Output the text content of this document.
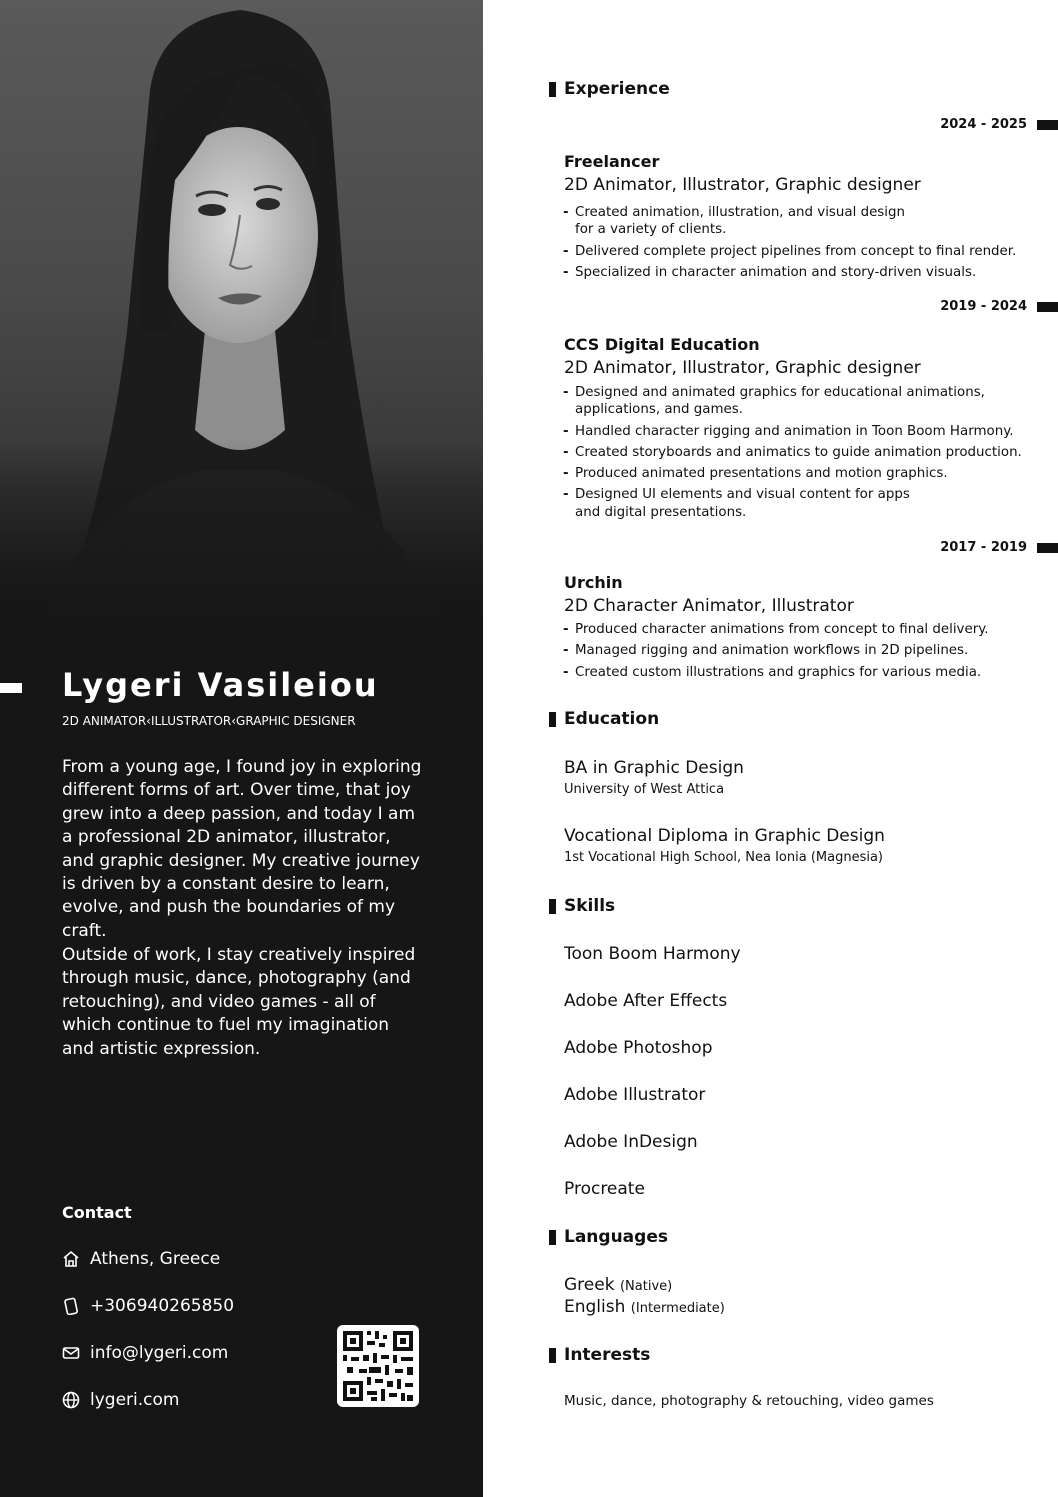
Lygeri Vasileiou
2D ANIMATOR‹ILLUSTRATOR‹GRAPHIC DESIGNER
From a young age, I found joy in exploring different forms of art. Over time, that joy grew into a deep passion, and today I am a professional 2D animator, illustrator, and graphic designer. My creative journey is driven by a constant desire to learn, evolve, and push the boundaries of my craft.
Outside of work, I stay creatively inspired through music, dance, photography (and retouching), and video games - all of which continue to fuel my imagination and artistic expression.
Contact
Athens, Greece
+306940265850
info@lygeri.com
lygeri.com
Experience
2024 - 2025
Freelancer
2D Animator, Illustrator, Graphic designer
- Created animation, illustration, and visual design for a variety of clients.
- Delivered complete project pipelines from concept to final render.
- Specialized in character animation and story-driven visuals.
2019 - 2024
CCS Digital Education
2D Animator, Illustrator, Graphic designer
- Designed and animated graphics for educational animations, applications, and games.
- Handled character rigging and animation in Toon Boom Harmony.
- Created storyboards and animatics to guide animation production.
- Produced animated presentations and motion graphics.
- Designed UI elements and visual content for apps and digital presentations.
2017 - 2019
Urchin
2D Character Animator, Illustrator
- Produced character animations from concept to final delivery.
- Managed rigging and animation workflows in 2D pipelines.
- Created custom illustrations and graphics for various media.
Education
BA in Graphic Design
University of West Attica
Vocational Diploma in Graphic Design
1st Vocational High School, Nea Ionia (Magnesia)
Skills
Toon Boom Harmony
Adobe After Effects
Adobe Photoshop
Adobe Illustrator
Adobe InDesign
Procreate
Languages
Greek (Native)
English (Intermediate)
Interests
Music, dance, photography & retouching, video games
